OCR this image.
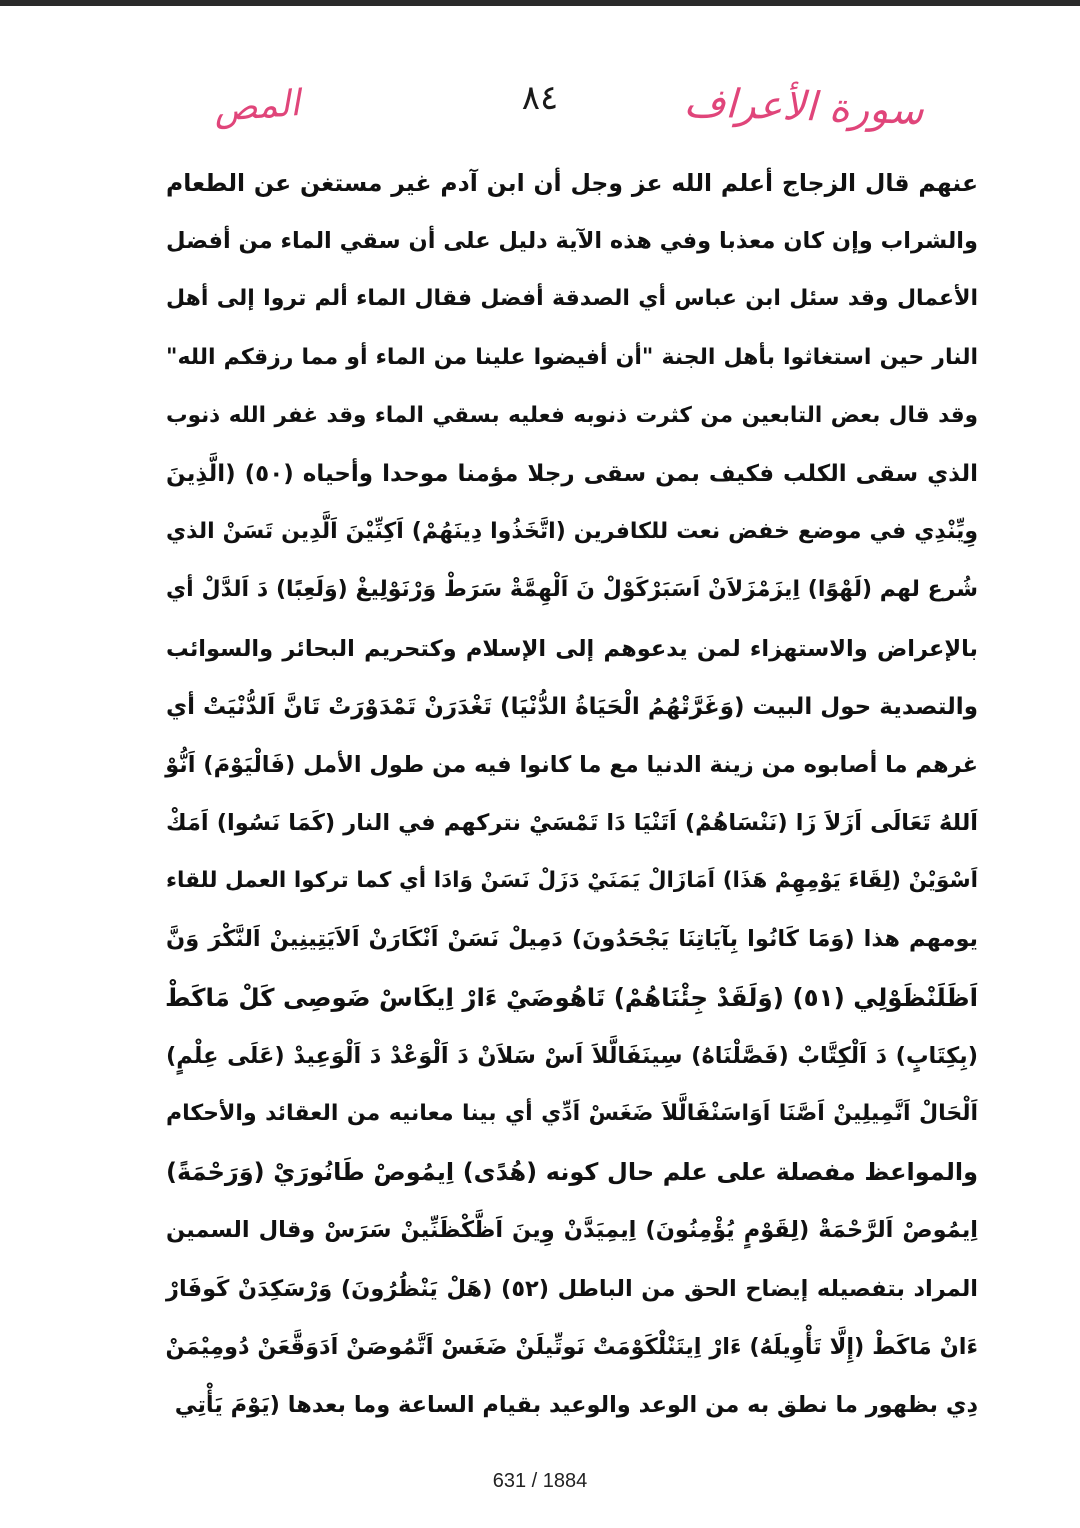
٨٤	سورة الأعراف
المص
عنهم قال الزجاج أعلم الله عز وجل أن ابن آدم غير مستغن عن الطعام
والشراب وإن كان معذبا وفي هذه الآية دليل على أن سقي الماء من أفضل
الأعمال وقد سئل ابن عباس أي الصدقة أفضل فقال الماء ألم تروا إلى أهل
النار حين استغاثوا بأهل الجنة "أن أفيضوا علينا من الماء أو مما رزقكم الله"
وقد قال بعض التابعين من كثرت ذنوبه فعليه بسقي الماء وقد غفر الله ذنوب
الذي سقى الكلب فكيف بمن سقى رجلا مؤمنا موحدا وأحياه (٥٠) (الَّذِينَ
وِيِّنْدِي في موضع خفض نعت للكافرين (اتَّخَذُوا دِينَهُمْ) اَكِنِّيْنَ اَلَّدِين تَسَنْ الذي
شُرع لهم (لَهْوًا) اِيزَمْزَلاَنْ اَسَبَرْكَوْلْ نَ اَلْهِمَّةْ سَرَطْ وَرْنَوْلِيغْ (وَلَعِبًا) دَ اَلدَّلْ أي
بالإعراض والاستهزاء لمن يدعوهم إلى الإسلام وكتحريم البحائر والسوائب
والتصدية حول البيت (وَغَرَّتْهُمُ الْحَيَاةُ الدُّنْيَا) تَغْدَرَنْ تَمْدَوْرَتْ تَانَّ اَلدُّنْيَتْ أي
غرهم ما أصابوه من زينة الدنيا مع ما كانوا فيه من طول الأمل (فَالْيَوْمَ) اَنُّوْ
اَللهُ تَعَالَى اَزَلاَ زَا (نَنْسَاهُمْ) اَتَنْيَا دَا تَمْسَيْ نتركهم في النار (كَمَا نَسُوا) اَمَكْ
اَسْوَيْنْ (لِقَاءَ يَوْمِهِمْ هَذَا) اَمَازَالْ يَمَنَيْ دَزَلْ نَسَنْ وَادَا أي كما تركوا العمل للقاء
يومهم هذا (وَمَا كَانُوا بِآيَاتِنَا يَجْحَدُونَ) دَمِيلْ نَسَنْ اَنْكَارَنْ اَلاَيَتِينِينْ اَلنَّكْرَ وَنَّ
اَظَلَنْظَوْلِي (٥١) (وَلَقَدْ جِئْنَاهُمْ) تَاهُوضَيْ ءَارْ اِيكَاسْ ضَوصِى كَلْ مَاكَطْ
(بِكِتَابٍ) دَ اَلْكِتَّابْ (فَصَّلْنَاهُ) سِينَفَالَّلاَ اَسْ سَلاَنْ دَ اَلْوَعْدْ دَ اَلْوَعِيدْ (عَلَى عِلْمٍ)
اَلْحَالْ اَنَّمِيلِينْ اَصَّنَا اَوَاسَنْفَالَّلاَ ضَغَسْ اَدِّي أي بينا معانيه من العقائد والأحكام
والمواعظ مفصلة على علم حال كونه (هُدًى) اِيمُوصْ طَانُورَيْ (وَرَحْمَةً)
اِيمُوصْ اَلرَّحْمَةْ (لِقَوْمٍ يُؤْمِنُونَ) اِيمِيَدَّنْ وِينَ اَظَّكْظَنِّينْ سَرَسْ وقال السمين
المراد بتفصيله إيضاح الحق من الباطل (٥٢) (هَلْ يَنْظُرُونَ) وَرْسَكِدَنْ كَوفَارْ
ءَانْ مَاكَطْ (إِلَّا تَأْوِيلَهُ) ءَارْ اِيتَنْلْكَوْمَتْ نَوتِّيلَنْ ضَغَسْ اَتَّمُوصَنْ اَدَوَقَّعَنْ دُومِيْمَنْ
دِي بظهور ما نطق به من الوعد والوعيد بقيام الساعة وما بعدها (يَوْمَ يَأْتِي
631 / 1884
